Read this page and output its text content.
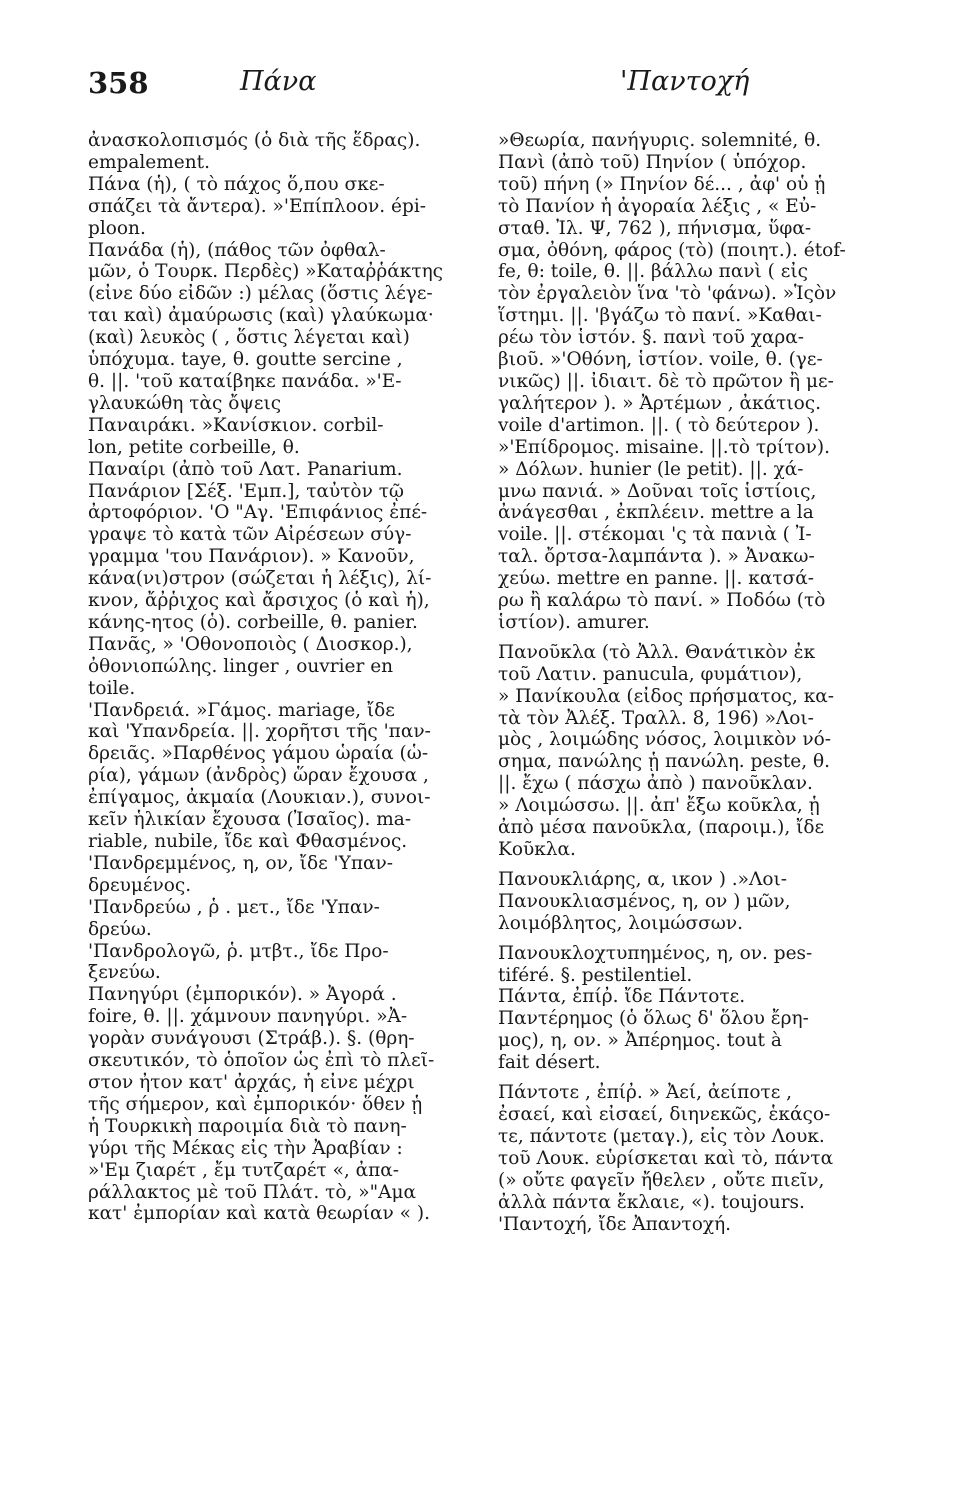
358	Πάνα	'Παντοχή
ἀνασκολοπισμός (ὁ διὰ τῆς ἕδρας).
empalement.
Πάνα (ἡ), ( τὸ πάχος ὅ,που σκε-
σπάζει τὰ ἄντερα). »'Επίπλοον. épi-
ploon.
Πανάδα (ἡ), (πάθος τῶν ὀφθαλ-
μῶν, ὁ Τουρκ. Περδὲς) »Καταῤῥάκτης
(εἶνε δύο εἰδῶν :) μέλας (ὅστις λέγε-
ται καὶ) ἀμαύρωσις (καὶ) γλαύκωμα·
(καὶ) λευκὸς ( , ὅστις λέγεται καὶ)
ὑπόχυμα. taye, θ. goutte sercine ,
θ. ||. 'τοῦ καταίβηκε πανάδα. »'Ε-
γλαυκώθη τὰς ὄψεις
Παναιράκι. »Κανίσκιον. corbil-
lon, petite corbeille, θ.
Παναίρι (ἀπὸ τοῦ Λατ. Panarium.
Πανάριον [Σέξ. 'Εμπ.], ταὐτὸν τῷ
ἀρτοφόριον. 'Ο "Αγ. 'Επιφάνιος ἐπέ-
γραψε τὸ κατὰ τῶν Αἰρέσεων σύγ-
γραμμα 'του Πανάριον). » Κανοῦν,
κάνα(νι)στρον (σώζεται ἡ λέξις), λί-
κνον, ἄῤῥιχος καὶ ἄρσιχος (ὁ καὶ ἡ),
κάνης-ητος (ὁ). corbeille, θ. panier.
Πανᾶς, » 'Οθονοποιὸς ( Διοσκορ.),
ὀθονιοπώλης. linger , ouvrier en
toile.
'Πανδρειά. »Γάμος. mariage, ἴδε
καὶ 'Υπανδρεία. ||. χορῆτσι τῆς 'παν-
δρειᾶς. »Παρθένος γάμου ὡραία (ὡ-
ρία), γάμων (ἀνδρὸς) ὥραν ἔχουσα ,
ἐπίγαμος, ἀκμαία (Λουκιαν.), συνοι-
κεῖν ἡλικίαν ἔχουσα (Ἰσαῖος). ma-
riable, nubile, ἴδε καὶ Φθασμένος.
'Πανδρεμμένος, η, ον, ἴδε 'Υπαν-
δρευμένος.
'Πανδρεύω , ῥ . μετ., ἴδε 'Υπαν-
δρεύω.
'Πανδρολογῶ, ῥ. μτβτ., ἴδε Προ-
ξενεύω.
Πανηγύρι (ἐμπορικόν). » Ἀγορά .
foire, θ. ||. χάμνουν πανηγύρι. »Ἀ-
γορὰν συνάγουσι (Στράβ.). §. (θρη-
σκευτικόν, τὸ ὁποῖον ὡς ἐπὶ τὸ πλεῖ-
στον ἦτον κατ' ἀρχάς, ἡ εἶνε μέχρι
τῆς σήμερον, καὶ ἐμπορικόν· ὅθεν ᾗ
ἡ Τουρκικὴ παροιμία διὰ τὸ πανη-
γύρι τῆς Μέκας εἰς τὴν Ἀραβίαν :
»'Εμ ζιαρέτ , ἔμ τυτζαρέτ «, ἀπα-
ράλλακτος μὲ τοῦ Πλάτ. τὸ, »"Αμα
κατ' ἐμπορίαν καὶ κατὰ θεωρίαν « ).
»Θεωρία, πανήγυρις. solemnité, θ.
Πανὶ (ἀπὸ τοῦ) Πηνίον ( ὑπόχορ.
τοῦ) πήνη (» Πηνίον δέ... , ἀφ' οὗ ᾗ
τὸ Πανίον ἡ ἀγοραία λέξις , « Εὐ-
σταθ. Ἰλ. Ψ, 762 ), πήνισμα, ὕφα-
σμα, ὀθόνη, φάρος (τὸ) (ποιητ.). étof-
fe, θ: toile, θ. ||. βάλλω πανὶ ( εἰς
τὸν ἐργαλειὸν ἵνα 'τὸ 'φάνω). »Ἱςὸν
ἵστημι. ||. 'βγάζω τὸ πανί. »Καθαι-
ρέω τὸν ἱστόν. §. πανὶ τοῦ χαρα-
βιοῦ. »'Οθόνη, ἱστίον. voile, θ. (γε-
νικῶς) ||. ἰδιαιτ. δὲ τὸ πρῶτον ἢ με-
γαλήτερον ). » Ἀρτέμων , ἀκάτιος.
voile d'artimon. ||. ( τὸ δεύτερον ).
»'Επίδρομος. misaine. ||.τὸ τρίτον).
» Δόλων. hunier (le petit). ||. χά-
μνω πανιά. » Δοῦναι τοῖς ἱστίοις,
ἀνάγεσθαι , ἐκπλέειν. mettre a la
voile. ||. στέκομαι 'ς τὰ πανιὰ ( Ἰ-
ταλ. ὄρτσα-λαμπάντα ). » Ἀνακω-
χεύω. mettre en panne. ||. κατσά-
ρω ἢ καλάρω τὸ πανί. » Ποδόω (τὸ
ἱστίον). amurer.
Πανοῦκλα (τὸ Ἀλλ. Θανάτικὸν ἐκ
τοῦ Λατιν. panucula, φυμάτιον),
» Πανίκουλα (εἶδος πρήσματος, κα-
τὰ τὸν Ἀλέξ. Τραλλ. 8, 196) »Λοι-
μὸς , λοιμώδης νόσος, λοιμικὸν νό-
σημα, πανώλης ᾗ πανώλη. peste, θ.
||. ἔχω ( πάσχω ἀπὸ ) πανοῦκλαν.
» Λοιμώσσω. ||. ἀπ' ἔξω κοῦκλα, ᾗ
ἀπὸ μέσα πανοῦκλα, (παροιμ.), ἴδε
Κοῦκλα.
Πανουκλιάρης, α, ικον ) .»Λοι-
Πανουκλιασμένος, η, ον ) μῶν,
λοιμόβλητος, λοιμώσσων.
Πανουκλοχτυπημένος, η, ον. pes-
tiféré. §. pestilentiel.
Πάντα, ἐπίῤ. ἴδε Πάντοτε.
Παντέρημος (ὁ ὅλως δ' ὅλου ἔρη-
μος), η, ον. » Ἀπέρημος. tout à
fait désert.
Πάντοτε , ἐπίῤ. » Ἀεί, ἀείποτε ,
ἐσαεί, καὶ εἰσαεί, διηνεκῶς, ἑκάςο-
τε, πάντοτε (μεταγ.), εἰς τὸν Λουκ.
τοῦ Λουκ. εὑρίσκεται καὶ τὸ, πάντα
(» οὔτε φαγεῖν ἤθελεν , οὔτε πιεῖν,
ἀλλὰ πάντα ἔκλαιε, «). toujours.
'Παντοχή, ἴδε Ἀπαντοχή.
